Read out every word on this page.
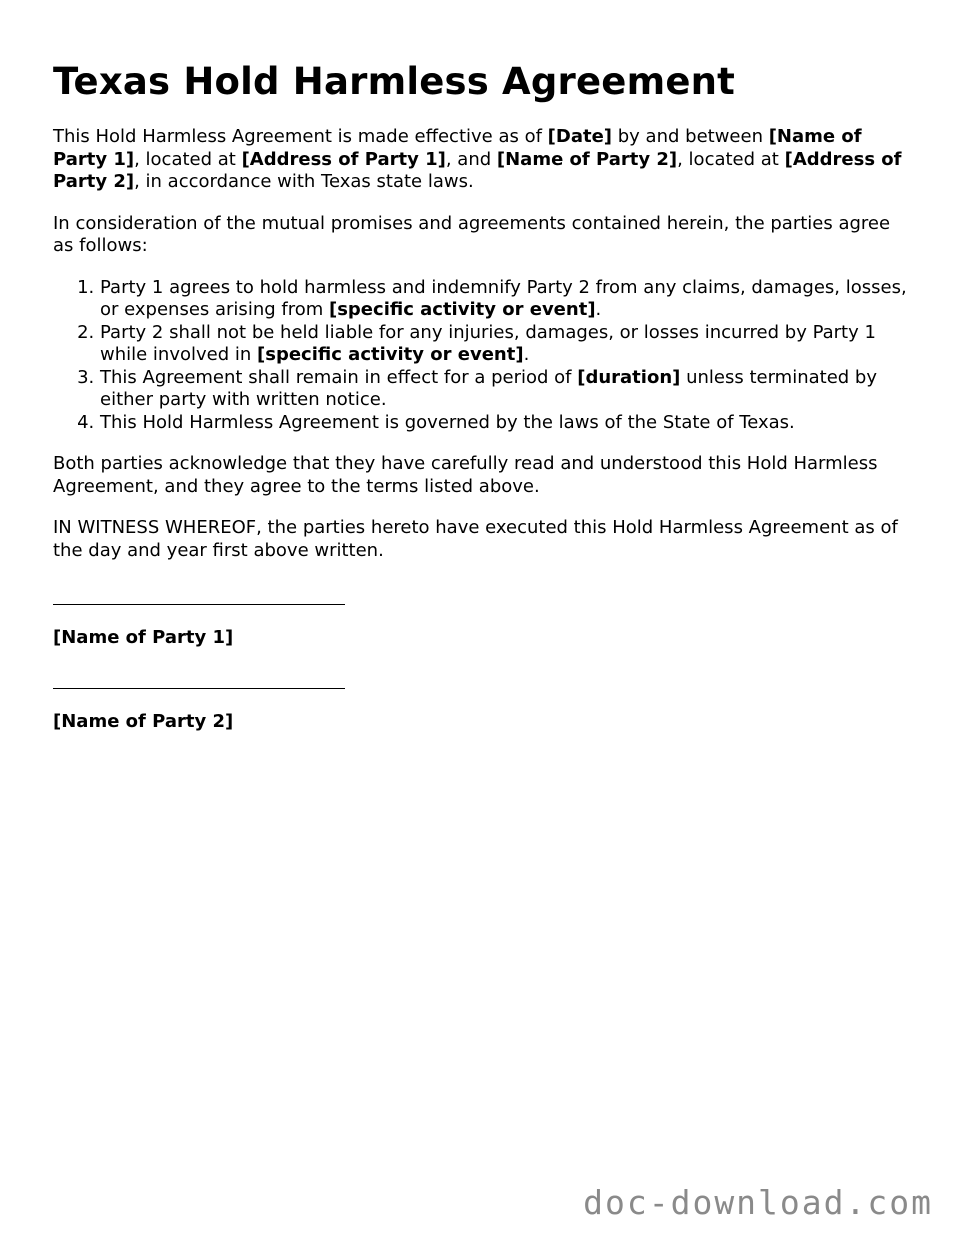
Texas Hold Harmless Agreement

This Hold Harmless Agreement is made effective as of [Date] by and between [Name of Party 1], located at [Address of Party 1], and [Name of Party 2], located at [Address of Party 2], in accordance with Texas state laws.

In consideration of the mutual promises and agreements contained herein, the parties agree as follows:

1. Party 1 agrees to hold harmless and indemnify Party 2 from any claims, damages, losses, or expenses arising from [specific activity or event].
2. Party 2 shall not be held liable for any injuries, damages, or losses incurred by Party 1 while involved in [specific activity or event].
3. This Agreement shall remain in effect for a period of [duration] unless terminated by either party with written notice.
4. This Hold Harmless Agreement is governed by the laws of the State of Texas.

Both parties acknowledge that they have carefully read and understood this Hold Harmless Agreement, and they agree to the terms listed above.

IN WITNESS WHEREOF, the parties hereto have executed this Hold Harmless Agreement as of the day and year first above written.

[Name of Party 1]
[Name of Party 2]
doc-download.com
